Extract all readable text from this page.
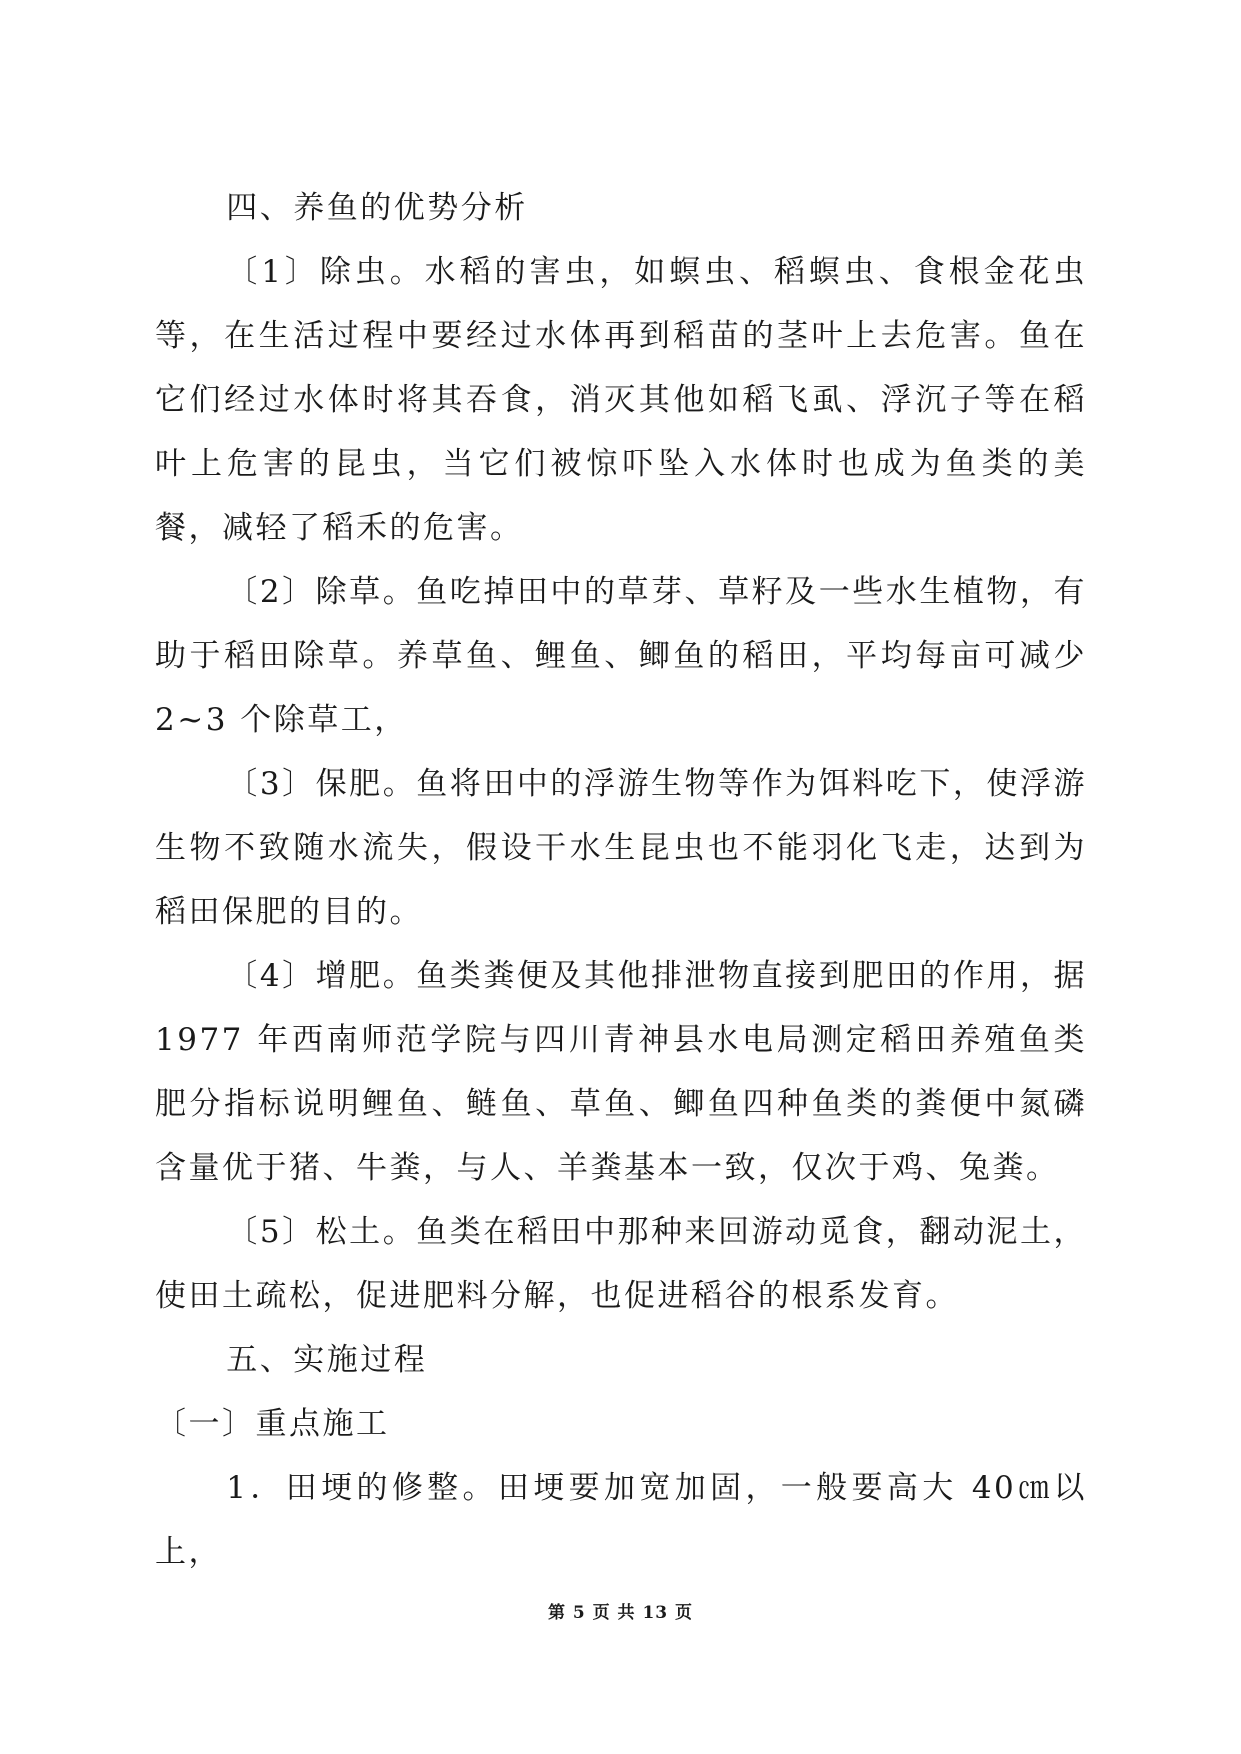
四、养鱼的优势分析

〔1〕除虫。水稻的害虫，如螟虫、稻螟虫、食根金花虫等，在生活过程中要经过水体再到稻苗的茎叶上去危害。鱼在它们经过水体时将其吞食，消灭其他如稻飞虱、浮沉子等在稻叶上危害的昆虫，当它们被惊吓坠入水体时也成为鱼类的美餐，减轻了稻禾的危害。

〔2〕除草。鱼吃掉田中的草芽、草籽及一些水生植物，有助于稻田除草。养草鱼、鲤鱼、鲫鱼的稻田，平均每亩可减少 2~3 个除草工，

〔3〕保肥。鱼将田中的浮游生物等作为饵料吃下，使浮游生物不致随水流失，假设干水生昆虫也不能羽化飞走，达到为稻田保肥的目的。

〔4〕增肥。鱼类粪便及其他排泄物直接到肥田的作用，据 1977 年西南师范学院与四川青神县水电局测定稻田养殖鱼类肥分指标说明鲤鱼、鲢鱼、草鱼、鲫鱼四种鱼类的粪便中氮磷含量优于猪、牛粪，与人、羊粪基本一致，仅次于鸡、兔粪。

〔5〕松土。鱼类在稻田中那种来回游动觅食，翻动泥土，使田土疏松，促进肥料分解，也促进稻谷的根系发育。

五、实施过程

〔一〕重点施工

1．田埂的修整。田埂要加宽加固，一般要高大 40㎝以上，

第 5 页 共 13 页
